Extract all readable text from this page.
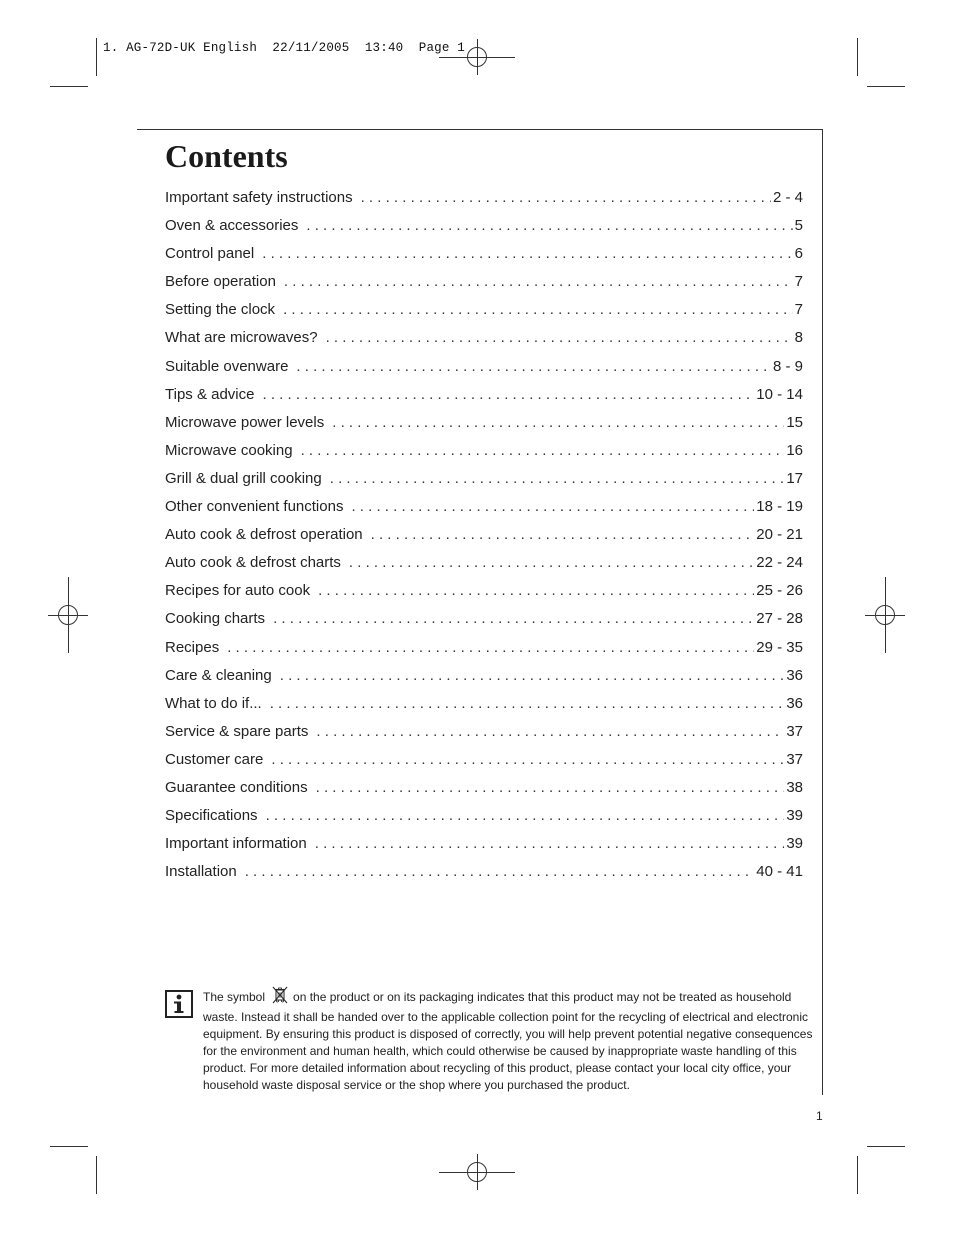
1. AG-72D-UK English  22/11/2005  13:40  Page 1
Contents
Important safety instructions . . .	2 - 4
Oven & accessories . . .	5
Control panel . . .	6
Before operation . . .	7
Setting the clock . . .	7
What are microwaves? . . .	8
Suitable ovenware . . .	8 - 9
Tips & advice . . .	10 - 14
Microwave power levels . . .	15
Microwave cooking . . .	16
Grill & dual grill cooking . . .	17
Other convenient functions . . .	18 - 19
Auto cook & defrost operation . . .	20 - 21
Auto cook & defrost charts . . .	22 - 24
Recipes for auto cook . . .	25 - 26
Cooking charts . . .	27 - 28
Recipes . . .	29 - 35
Care & cleaning . . .	36
What to do if... . . .	36
Service & spare parts . . .	37
Customer care . . .	37
Guarantee conditions . . .	38
Specifications . . .	39
Important information . . .	39
Installation . . .	40 - 41
The symbol on the product or on its packaging indicates that this product may not be treated as household waste. Instead it shall be handed over to the applicable collection point for the recycling of electrical and electronic equipment. By ensuring this product is disposed of correctly, you will help prevent potential negative consequences for the environment and human health, which could otherwise be caused by inappropriate waste handling of this product. For more detailed information about recycling of this product, please contact your local city office, your household waste disposal service or the shop where you purchased the product.
1
